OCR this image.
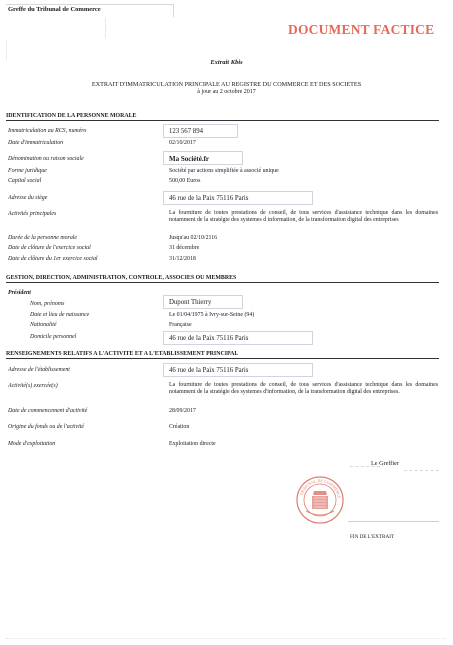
Greffe du Tribunal de Commerce
DOCUMENT FACTICE
Extrait Kbis
EXTRAIT D'IMMATRICULATION PRINCIPALE AU REGISTRE DU COMMERCE ET DES SOCIETES
à jour au 2 octobre 2017
IDENTIFICATION DE LA PERSONNE MORALE
Immatriculation au RCS, numéro	123 567 894
Date d'immatriculation	02/10/2017
Dénomination ou raison sociale	Ma Société.fr
Forme juridique	Société par actions simplifiée à associé unique
Capital social	500,00 Euros
Adresse du siège	46 rue de la Paix 75116 Paris
Activités principales	La fourniture de toutes prestations de conseil, de tous services d'assistance technique dans les domaines notamment de la stratégie des systemes d information, de la transformation digital des entreprises
Durée de la personne morale	Jusqu'au 02/10/2116
Date de clôture de l'exercice social	31 décembre
Date de clôture du 1er exercice social	31/12/2018
GESTION, DIRECTION, ADMINISTRATION, CONTROLE, ASSOCIES OU MEMBRES
Président
Nom, prénoms	Dupont Thierry
Date et lieu de naissance	Le 01/04/1975 à Ivry-sur-Seine (94)
Nationalité	Française
Domicile personnel	46 rue de la Paix 75116 Paris
RENSEIGNEMENTS RELATIFS A L'ACTIVITE ET A L'ETABLISSEMENT PRINCIPAL
Adresse de l'établissement	46 rue de la Paix 75116 Paris
Activité(s) exercée(s)	La fourniture de toutes prestations de conseil, de tous services d'assistance technique dans les domaines notamment de la stratégie des systemes d'information, de la transformation digital des entreprises.
Date de commencement d'activité	28/09/2017
Origine du fonds ou de l'activité	Création
Mode d'exploitation	Exploitation directe
Le Greffier
TRIBUNAL DE COMMERCE
FIN DE L'EXTRAIT
